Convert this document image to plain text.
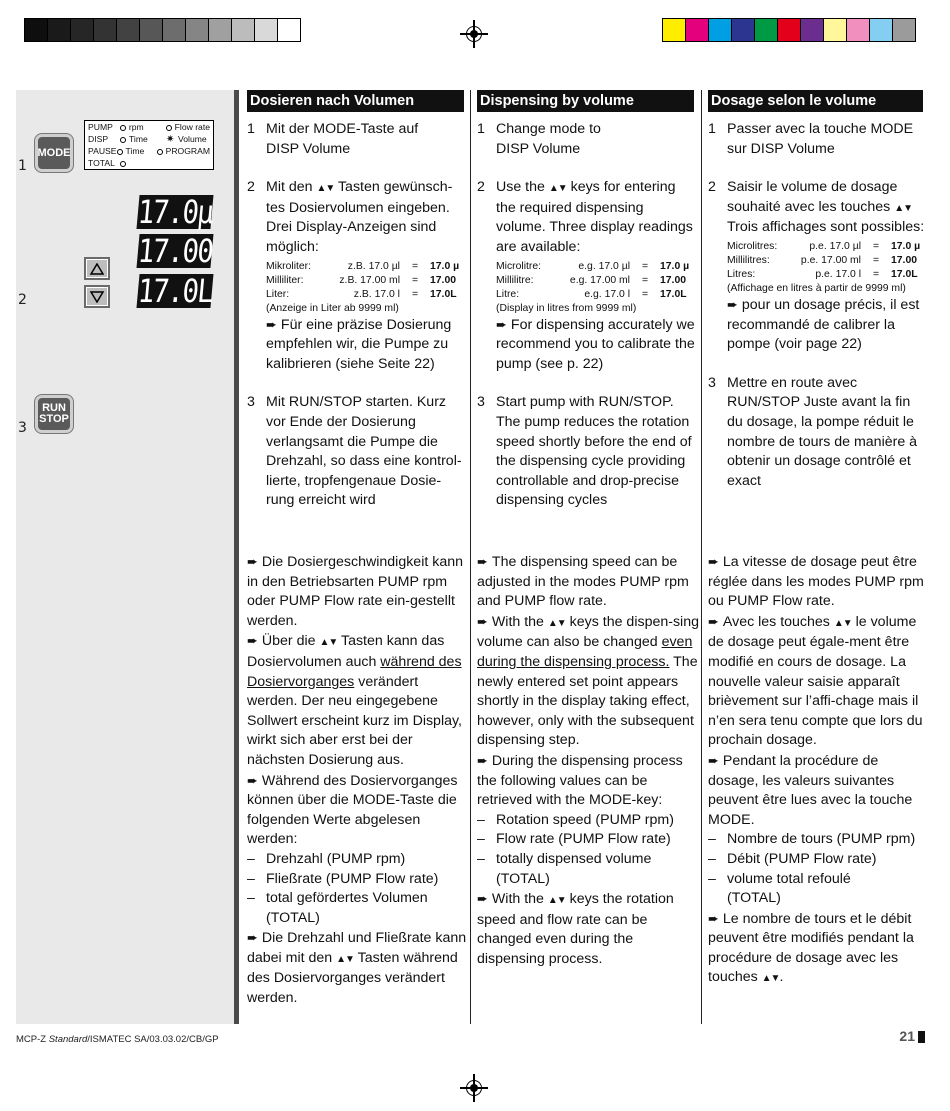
1
2
3
MODE
PUMP	rpm	Flow rate
DISP	Time	✷ Volume
PAUSE	Time	PROGRAM
TOTAL
17.0µ
17.00
17.0L
RUN
STOP
Dosieren nach Volumen
1 Mit der MODE-Taste auf DISP Volume
2 Mit den ▲▼ Tasten gewünsch-tes Dosiervolumen eingeben. Drei Display-Anzeigen sind möglich:
Mikroliter:	z.B. 17.0 µl	=	17.0 µ
Milliliter:	z.B. 17.00 ml	=	17.00
Liter:	z.B. 17.0 l	=	17.0L
(Anzeige in Liter ab 9999 ml)
➨ Für eine präzise Dosierung empfehlen wir, die Pumpe zu kalibrieren (siehe Seite 22)
3 Mit RUN/STOP starten. Kurz vor Ende der Dosierung verlangsamt die Pumpe die Drehzahl, so dass eine kontrol-lierte, tropfengenaue Dosie-rung erreicht wird
Dispensing by volume
1 Change mode to DISP Volume
2 Use the ▲▼ keys for entering the required dispensing volume. Three display readings are available:
Microlitre:	e.g. 17.0 µl	=	17.0 µ
Millilitre:	e.g. 17.00 ml	=	17.00
Litre:	e.g. 17.0 l	=	17.0L
(Display in litres from 9999 ml)
➨ For dispensing accurately we recommend you to calibrate the pump (see p. 22)
3 Start pump with RUN/STOP. The pump reduces the rotation speed shortly before the end of the dispensing cycle providing controllable and drop-precise dispensing cycles
Dosage selon le volume
1 Passer avec la touche MODE sur DISP Volume
2 Saisir le volume de dosage souhaité avec les touches ▲▼ Trois affichages sont possibles:
Microlitres:	p.e. 17.0 µl	=	17.0 µ
Millilitres:	p.e. 17.00 ml	=	17.00
Litres:	p.e. 17.0 l	=	17.0L
(Affichage en litres à partir de 9999 ml)
➨ pour un dosage précis, il est recommandé de calibrer la pompe (voir page 22)
3 Mettre en route avec RUN/STOP Juste avant la fin du dosage, la pompe réduit le nombre de tours de manière à obtenir un dosage contrôlé et exact
➨ Die Dosiergeschwindigkeit kann in den Betriebsarten PUMP rpm oder PUMP Flow rate ein-gestellt werden.
➨ Über die ▲▼ Tasten kann das Dosiervolumen auch während des Dosiervorganges verändert werden. Der neu eingegebene Sollwert erscheint kurz im Display, wirkt sich aber erst bei der nächsten Dosierung aus.
➨ Während des Dosiervorganges können über die MODE-Taste die folgenden Werte abgelesen werden:
– Drehzahl (PUMP rpm)
– Fließrate (PUMP Flow rate)
– total gefördertes Volumen
(TOTAL)
➨ Die Drehzahl und Fließrate kann dabei mit den ▲▼ Tasten während des Dosiervorganges verändert werden.
➨ The dispensing speed can be adjusted in the modes PUMP rpm and PUMP flow rate.
➨ With the ▲▼ keys the dispen-sing volume can also be changed even during the dispensing process. The newly entered set point appears shortly in the display taking effect, however, only with the subsequent dispensing step.
➨ During the dispensing process the following values can be retrieved with the MODE-key:
– Rotation speed (PUMP rpm)
– Flow rate (PUMP Flow rate)
– totally dispensed volume
(TOTAL)
➨ With the ▲▼ keys the rotation speed and flow rate can be changed even during the dispensing process.
➨ La vitesse de dosage peut être réglée dans les modes PUMP rpm ou PUMP Flow rate.
➨ Avec les touches ▲▼ le volume de dosage peut égale-ment être modifié en cours de dosage. La nouvelle valeur saisie apparaît brièvement sur l’affi-chage mais il n’en sera tenu compte que lors du prochain dosage.
➨ Pendant la procédure de dosage, les valeurs suivantes peuvent être lues avec la touche MODE.
– Nombre de tours (PUMP rpm)
– Débit (PUMP Flow rate)
– volume total refoulé
(TOTAL)
➨ Le nombre de tours et le débit peuvent être modifiés pendant la procédure de dosage avec les touches ▲▼.
MCP-Z Standard/ISMATEC SA/03.03.02/CB/GP	21
